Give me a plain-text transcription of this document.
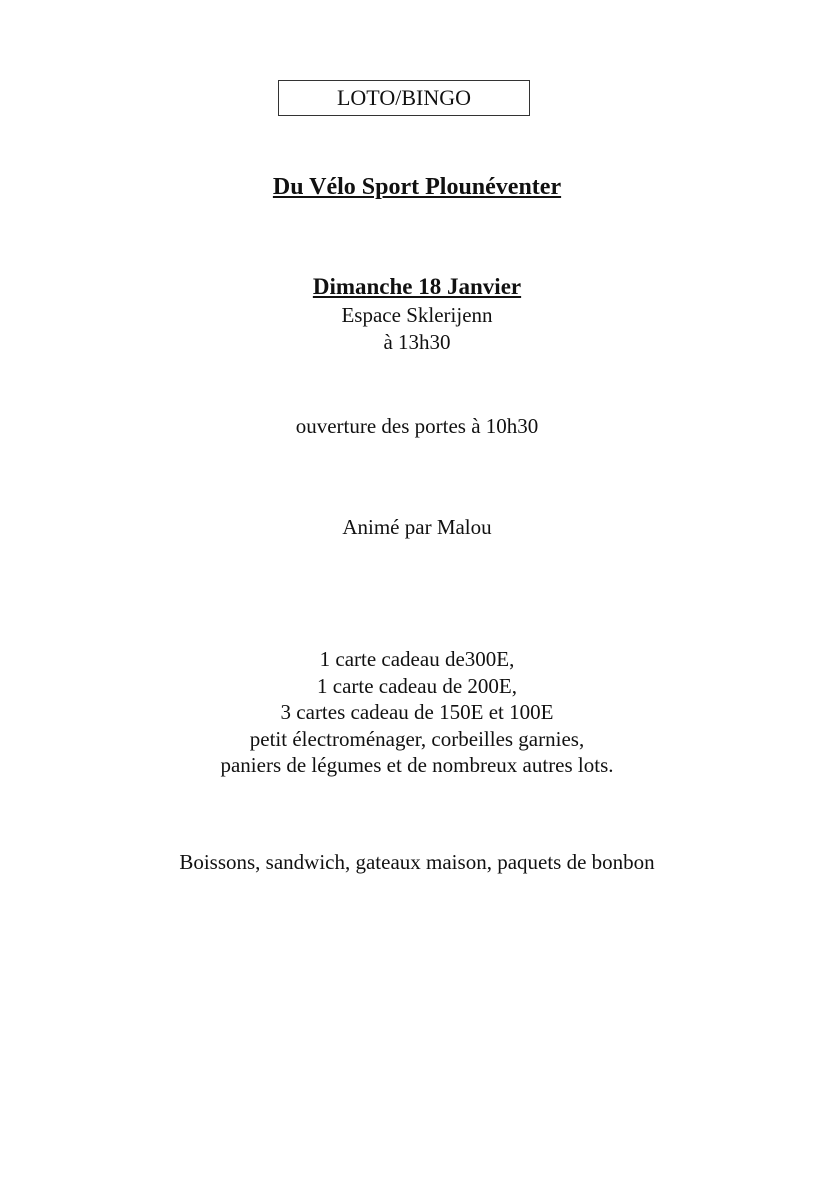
LOTO/BINGO
Du Vélo Sport Plounéventer
Dimanche 18 Janvier
Espace Sklerijenn
à 13h30
ouverture des portes à 10h30
Animé par Malou
1 carte cadeau de300E,
1 carte cadeau de 200E,
3 cartes cadeau de 150E et 100E
petit électroménager, corbeilles garnies,
paniers de légumes et de nombreux autres lots.
Boissons, sandwich, gateaux maison, paquets de bonbon
